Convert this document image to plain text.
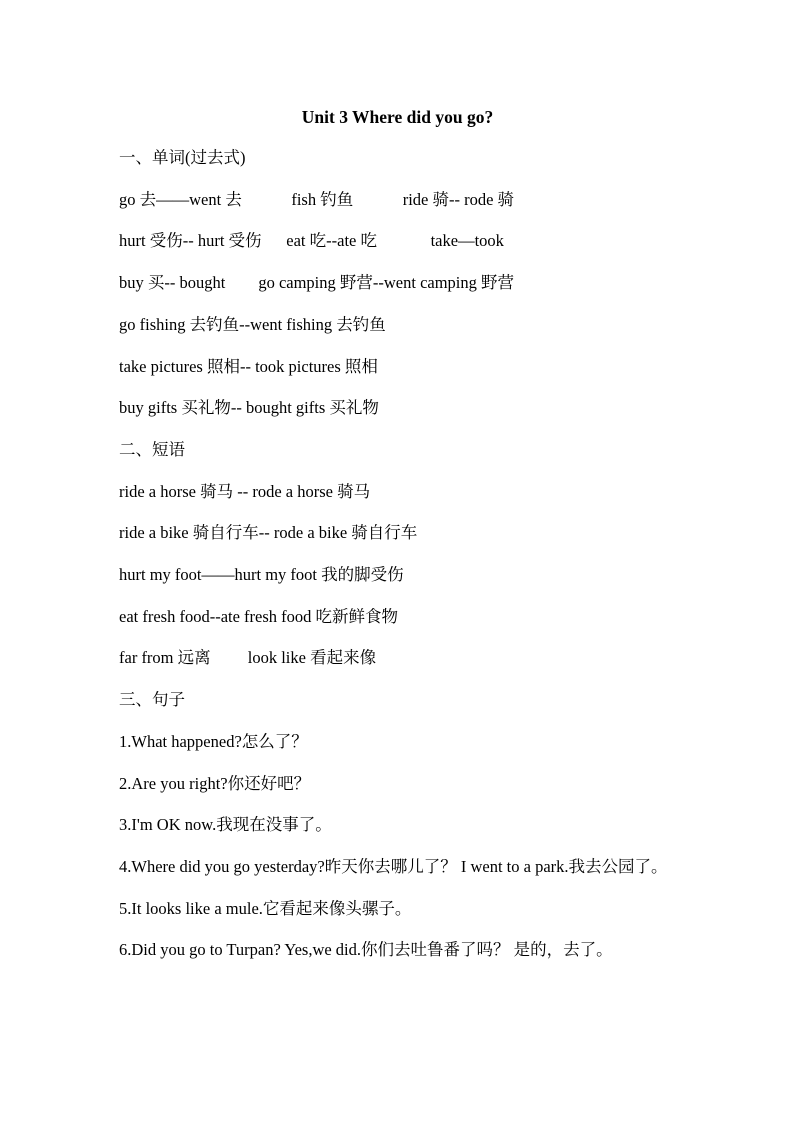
Unit 3 Where did you go?

一、单词(过去式)

go 去——went 去            fish 钓鱼            ride 骑-- rode 骑

hurt 受伤-- hurt 受伤      eat 吃--ate 吃             take—took

buy 买-- bought        go camping 野营--went camping 野营

go fishing 去钓鱼--went fishing 去钓鱼

take pictures 照相-- took pictures 照相

buy gifts 买礼物-- bought gifts 买礼物

二、短语

ride a horse 骑马 -- rode a horse 骑马

ride a bike 骑自行车-- rode a bike 骑自行车

hurt my foot——hurt my foot 我的脚受伤

eat fresh food--ate fresh food 吃新鲜食物

far from 远离         look like 看起来像

三、句子

1.What happened?怎么了？

2.Are you right?你还好吧？

3.I'm OK now.我现在没事了。

4.Where did you go yesterday?昨天你去哪儿了？ I went to a park.我去公园了。

5.It looks like a mule.它看起来像头骡子。

6.Did you go to Turpan? Yes,we did.你们去吐鲁番了吗？ 是的，去了。
